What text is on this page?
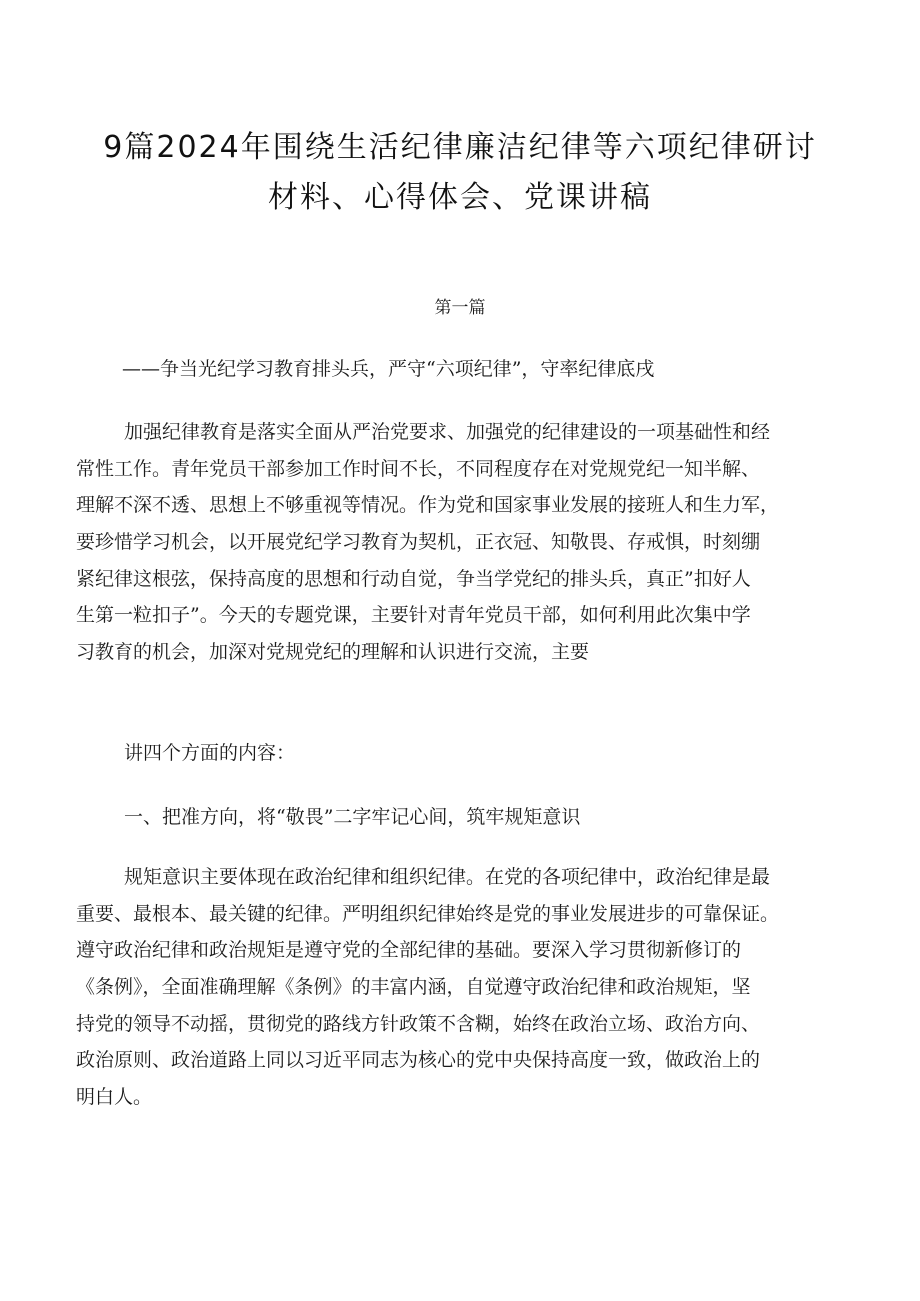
9篇2024年围绕生活纪律廉洁纪律等六项纪律研讨
材料、心得体会、党课讲稿
第一篇
——争当光纪学习教育排头兵，严守“六项纪律”，守率纪律底戌
加强纪律教育是落实全面从严治党要求、加强党的纪律建设的一项基础性和经
常性工作。青年党员干部参加工作时间不长，不同程度存在对党规党纪一知半解、
理解不深不透、思想上不够重视等情况。作为党和国家事业发展的接班人和生力军，
要珍惜学习机会，以开展党纪学习教育为契机，正衣冠、知敬畏、存戒惧，时刻绷
紧纪律这根弦，保持高度的思想和行动自觉，争当学党纪的排头兵，真正”扣好人
生第一粒扣子”。今天的专题党课，主要针对青年党员干部，如何利用此次集中学
习教育的机会，加深对党规党纪的理解和认识进行交流，主要
讲四个方面的内容：
一、把准方向，将“敬畏”二字牢记心间，筑牢规矩意识
规矩意识主要体现在政治纪律和组织纪律。在党的各项纪律中，政治纪律是最
重要、最根本、最关键的纪律。严明组织纪律始终是党的事业发展进步的可靠保证。
遵守政治纪律和政治规矩是遵守党的全部纪律的基础。要深入学习贯彻新修订的
《条例》，全面准确理解《条例》的丰富内涵，自觉遵守政治纪律和政治规矩，坚
持党的领导不动摇，贯彻党的路线方针政策不含糊，始终在政治立场、政治方向、
政治原则、政治道路上同以习近平同志为核心的党中央保持高度一致，做政治上的
明白人。
